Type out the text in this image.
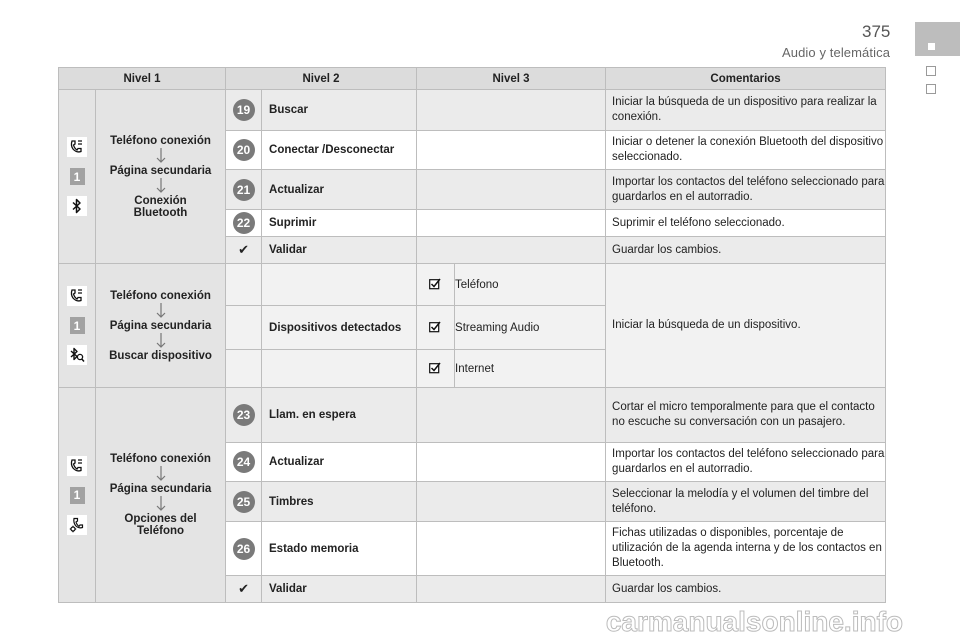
375
Audio y telemática
Nivel 1		Nivel 2		Nivel 3		Comentarios

1	Teléfono conexión
Página secundaria
Conexión Bluetooth	19	Buscar			Iniciar la búsqueda de un dispositivo para realizar la conexión.

20	Conectar /Desconectar			Iniciar o detener la conexión Bluetooth del dispositivo seleccionado.

21	Actualizar			Importar los contactos del teléfono seleccionado para guardarlos en el autorradio.

22	Suprimir			Suprimir el teléfono seleccionado.
		✔	Validar			Guardar los cambios.

1	Teléfono conexión
Página secundaria
Buscar dispositivo				Teléfono	Iniciar la búsqueda de un dispositivo.
			Dispositivos detectados		Streaming Audio	

	Internet	

1	Teléfono conexión
Página secundaria
Opciones del Teléfono	23	Llam. en espera			Cortar el micro temporalmente para que el contacto no escuche su conversación con un pasajero.

24	Actualizar			Importar los contactos del teléfono seleccionado para guardarlos en el autorradio.

25	Timbres			Seleccionar la melodía y el volumen del timbre del teléfono.

26	Estado memoria			Fichas utilizadas o disponibles, porcentaje de utilización de la agenda interna y de los contactos en Bluetooth.
		✔	Validar			Guardar los cambios.
carmanualsonline.info
